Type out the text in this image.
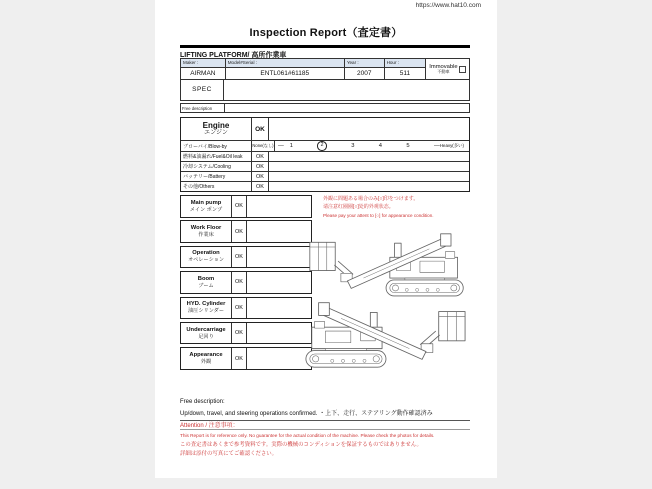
https://www.hat10.com
Inspection Report（査定書）
LIFTING PLATFORM/ 高所作業車
Maker :
AIRMAN
Model#Serial :
ENTL061#61185
Year :
2007
Hour :
511
Immovable
不動車
SPEC
Free description
Engine
エンジン
OK
ブローバイ/Blow-by	None(なし) — 1	2	3	4	5	— Heavy(多い)
燃料&油漏れ/Fuel&Oil leak	OK
冷却システム/Cooling	OK
バッテリー/Battery	OK
その他/Others	OK
Main pump
メイン ポンプ
OK
Work Floor
作業床
OK
Operation
オペレーション
OK
Boom
ブーム
OK
HYD. Cylinder
油圧シリンダー
OK
Undercarriage
足回り
OK
Appearance
外観
OK
外観に問題ある場合のみ[○]印をつけます。
请注意红圈圈[○]处的外观状态。
Please pay your attent to [○] for appearance condition.
Free description:
Up/down, travel, and steering operations confirmed. ・上下、走行、ステアリング動作確認済み
Attention / 注意事項：
This Report is for reference only. No guarantee for the actual condition of the machine. Please check the photos for details.
この査定書はあくまで参考資料です。実際の機械のコンディションを保証するものではありません。
詳細は添付の写真にてご確認ください。
